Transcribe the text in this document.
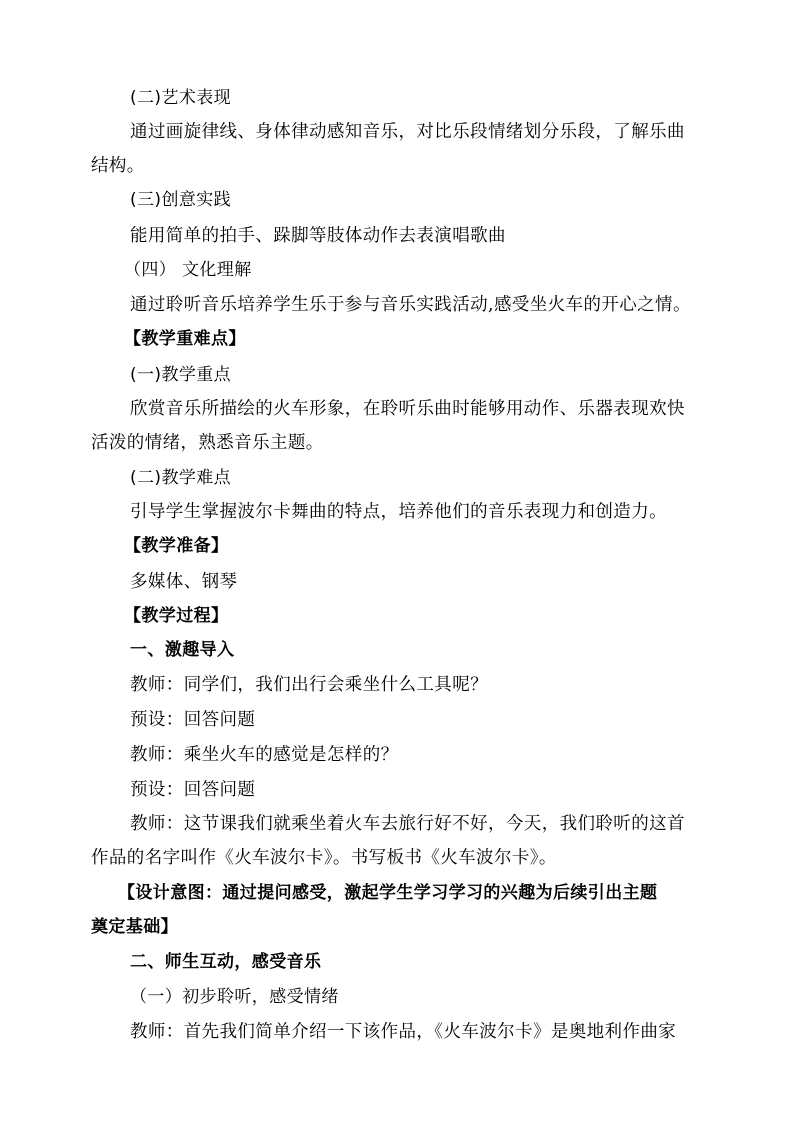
(二)艺术表现
通过画旋律线、身体律动感知音乐，对比乐段情绪划分乐段，了解乐曲
结构。
(三)创意实践
能用简单的拍手、跺脚等肢体动作去表演唱歌曲
（四） 文化理解
通过聆听音乐培养学生乐于参与音乐实践活动,感受坐火车的开心之情。
【教学重难点】
(一)教学重点
欣赏音乐所描绘的火车形象，在聆听乐曲时能够用动作、乐器表现欢快
活泼的情绪，熟悉音乐主题。
(二)教学难点
引导学生掌握波尔卡舞曲的特点，培养他们的音乐表现力和创造力。
【教学准备】
多媒体、钢琴
【教学过程】
一、激趣导入
教师：同学们，我们出行会乘坐什么工具呢？
预设：回答问题
教师：乘坐火车的感觉是怎样的？
预设：回答问题
教师：这节课我们就乘坐着火车去旅行好不好，今天，我们聆听的这首
作品的名字叫作《火车波尔卡》。书写板书《火车波尔卡》。
【设计意图：通过提问感受，激起学生学习学习的兴趣为后续引出主题
奠定基础】
二、师生互动，感受音乐
（一）初步聆听，感受情绪
教师：首先我们简单介绍一下该作品，《火车波尔卡》是奥地利作曲家
